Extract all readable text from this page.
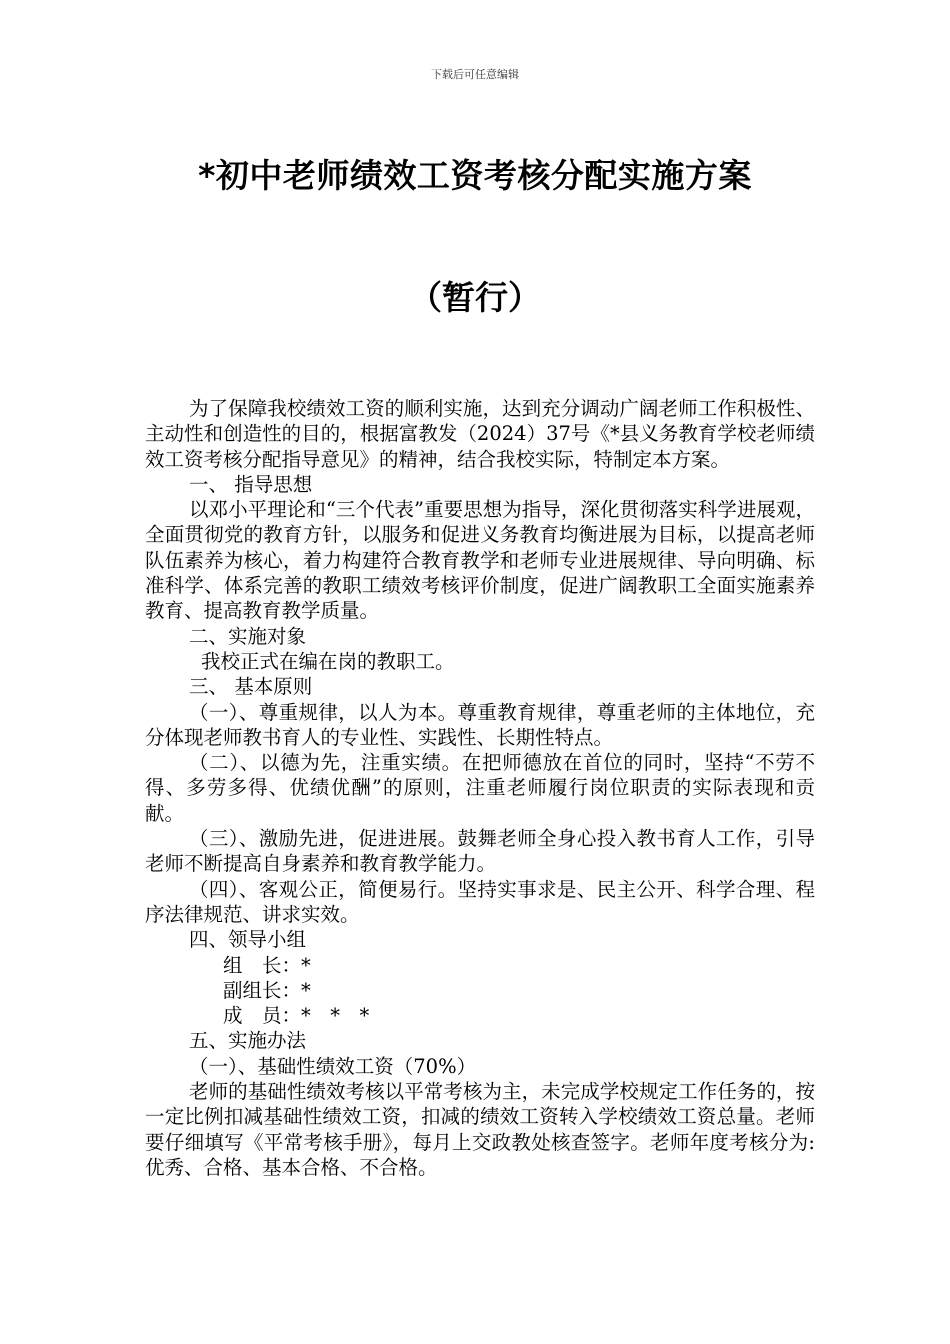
下载后可任意编辑
*初中老师绩效工资考核分配实施方案
（暂行）

为了保障我校绩效工资的顺利实施，达到充分调动广阔老师工作积极性、主动性和创造性的目的，根据富教发（2024）37号《*县义务教育学校老师绩效工资考核分配指导意见》的精神，结合我校实际，特制定本方案。

一、 指导思想

以邓小平理论和“三个代表”重要思想为指导，深化贯彻落实科学进展观，全面贯彻党的教育方针，以服务和促进义务教育均衡进展为目标，以提高老师队伍素养为核心，着力构建符合教育教学和老师专业进展规律、导向明确、标准科学、体系完善的教职工绩效考核评价制度，促进广阔教职工全面实施素养教育、提高教育教学质量。

二、实施对象

我校正式在编在岗的教职工。

三、 基本原则

（一）、尊重规律，以人为本。尊重教育规律，尊重老师的主体地位，充分体现老师教书育人的专业性、实践性、长期性特点。

（二）、以德为先，注重实绩。在把师德放在首位的同时，坚持“不劳不得、多劳多得、优绩优酬”的原则，注重老师履行岗位职责的实际表现和贡献。

（三）、激励先进，促进进展。鼓舞老师全身心投入教书育人工作，引导老师不断提高自身素养和教育教学能力。

（四）、客观公正，简便易行。坚持实事求是、民主公开、科学合理、程序法律规范、讲求实效。

四、领导小组

组　长：*

副组长：*

成　员：*　*　*

五、实施办法

（一）、基础性绩效工资（70%）

老师的基础性绩效考核以平常考核为主，未完成学校规定工作任务的，按一定比例扣减基础性绩效工资，扣减的绩效工资转入学校绩效工资总量。老师要仔细填写《平常考核手册》，每月上交政教处核查签字。老师年度考核分为:优秀、合格、基本合格、不合格。
